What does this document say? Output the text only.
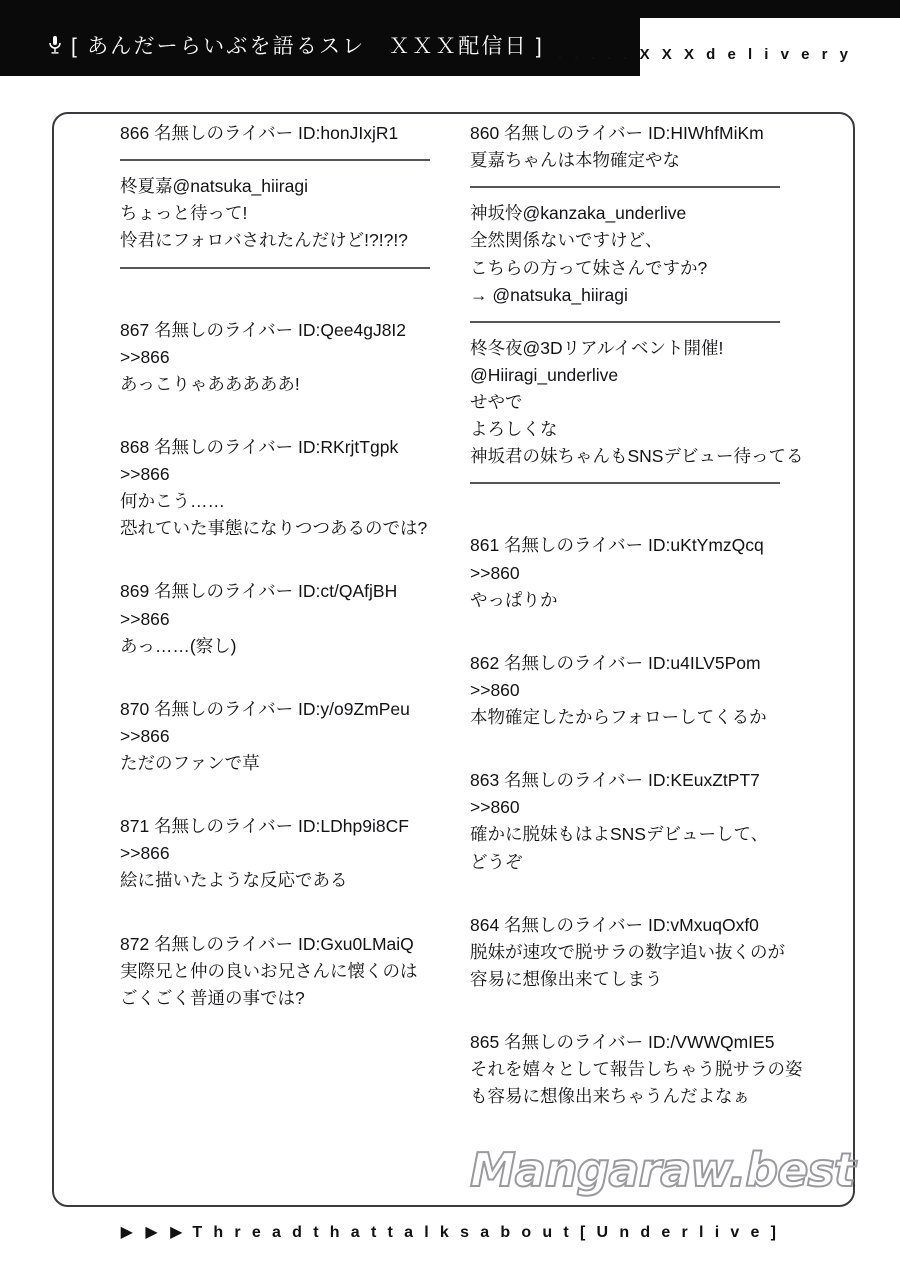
[ あんだーらいぶを語るスレ　ＸＸＸ配信日 ] . . . . . X X X d e l i v e r y
866 名無しのライバー ID:honJIxjR1
柊夏嘉@natsuka_hiiragi
ちょっと待って!
怜君にフォロバされたんだけど!?!?!?
867 名無しのライバー ID:Qee4gJ8I2
>>866
あっこりゃあああああ!
868 名無しのライバー ID:RKrjtTgpk
>>866
何かこう……
恐れていた事態になりつつあるのでは?
869 名無しのライバー ID:ct/QAfjBH
>>866
あっ……(察し)
870 名無しのライバー ID:y/o9ZmPeu
>>866
ただのファンで草
871 名無しのライバー ID:LDhp9i8CF
>>866
絵に描いたような反応である
872 名無しのライバー ID:Gxu0LMaiQ
実際兄と仲の良いお兄さんに懐くのは
ごくごく普通の事では?
860 名無しのライバー ID:HIWhfMiKm
夏嘉ちゃんは本物確定やな
神坂怜@kanzaka_underlive
全然関係ないですけど、
こちらの方って妹さんですか?
→ @natsuka_hiiragi
柊冬夜@3Dリアルイベント開催!
@Hiiragi_underlive
せやで
よろしくな
神坂君の妹ちゃんもSNSデビュー待ってる
861 名無しのライバー ID:uKtYmzQcq
>>860
やっぱりか
862 名無しのライバー ID:u4ILV5Pom
>>860
本物確定したからフォローしてくるか
863 名無しのライバー ID:KEuxZtPT7
>>860
確かに脱妹もはよSNSデビューして、
どうぞ
864 名無しのライバー ID:vMxuqOxf0
脱妹が速攻で脱サラの数字追い抜くのが
容易に想像出来てしまう
865 名無しのライバー ID:/VWWQmIE5
それを嬉々として報告しちゃう脱サラの姿
も容易に想像出来ちゃうんだよなぁ
Mangaraw.best
▶ ▶ ▶ T h r e a d t h a t t a l k s a b o u t [ U n d e r l i v e ]
